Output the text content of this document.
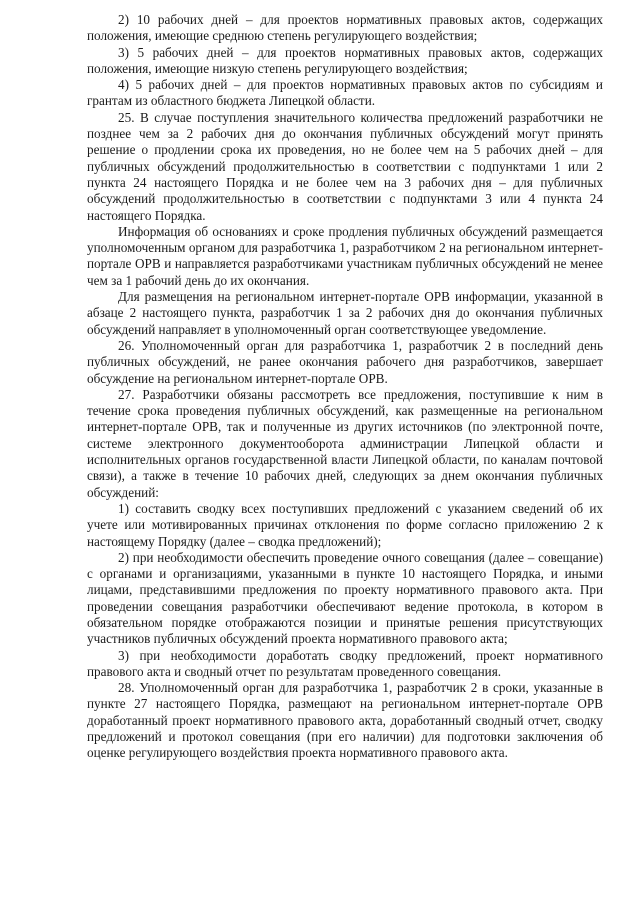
2) 10 рабочих дней – для проектов нормативных правовых актов, содержащих положения, имеющие среднюю степень регулирующего воздействия;

3) 5 рабочих дней – для проектов нормативных правовых актов, содержащих положения, имеющие низкую степень регулирующего воздействия;

4) 5 рабочих дней – для проектов нормативных правовых актов по субсидиям и грантам из областного бюджета Липецкой области.

25. В случае поступления значительного количества предложений разработчики не позднее чем за 2 рабочих дня до окончания публичных обсуждений могут принять решение о продлении срока их проведения, но не более чем на 5 рабочих дней – для публичных обсуждений продолжительностью в соответствии с подпунктами 1 или 2 пункта 24 настоящего Порядка и не более чем на 3 рабочих дня – для публичных обсуждений продолжительностью в соответствии с подпунктами 3 или 4 пункта 24 настоящего Порядка.

Информация об основаниях и сроке продления публичных обсуждений размещается уполномоченным органом для разработчика 1, разработчиком 2 на региональном интернет-портале ОРВ и направляется разработчиками участникам публичных обсуждений не менее чем за 1 рабочий день до их окончания.

Для размещения на региональном интернет-портале ОРВ информации, указанной в абзаце 2 настоящего пункта, разработчик 1 за 2 рабочих дня до окончания публичных обсуждений направляет в уполномоченный орган соответствующее уведомление.

26. Уполномоченный орган для разработчика 1, разработчик 2 в последний день публичных обсуждений, не ранее окончания рабочего дня разработчиков, завершает обсуждение на региональном интернет-портале ОРВ.

27. Разработчики обязаны рассмотреть все предложения, поступившие к ним в течение срока проведения публичных обсуждений, как размещенные на региональном интернет-портале ОРВ, так и полученные из других источников (по электронной почте, системе электронного документооборота администрации Липецкой области и исполнительных органов государственной власти Липецкой области, по каналам почтовой связи), а также в течение 10 рабочих дней, следующих за днем окончания публичных обсуждений:

1) составить сводку всех поступивших предложений с указанием сведений об их учете или мотивированных причинах отклонения по форме согласно приложению 2 к настоящему Порядку (далее – сводка предложений);

2) при необходимости обеспечить проведение очного совещания (далее – совещание) с органами и организациями, указанными в пункте 10 настоящего Порядка, и иными лицами, представившими предложения по проекту нормативного правового акта. При проведении совещания разработчики обеспечивают ведение протокола, в котором в обязательном порядке отображаются позиции и принятые решения присутствующих участников публичных обсуждений проекта нормативного правового акта;

3) при необходимости доработать сводку предложений, проект нормативного правового акта и сводный отчет по результатам проведенного совещания.

28. Уполномоченный орган для разработчика 1, разработчик 2 в сроки, указанные в пункте 27 настоящего Порядка, размещают на региональном интернет-портале ОРВ доработанный проект нормативного правового акта, доработанный сводный отчет, сводку предложений и протокол совещания (при его наличии) для подготовки заключения об оценке регулирующего воздействия проекта нормативного правового акта.
